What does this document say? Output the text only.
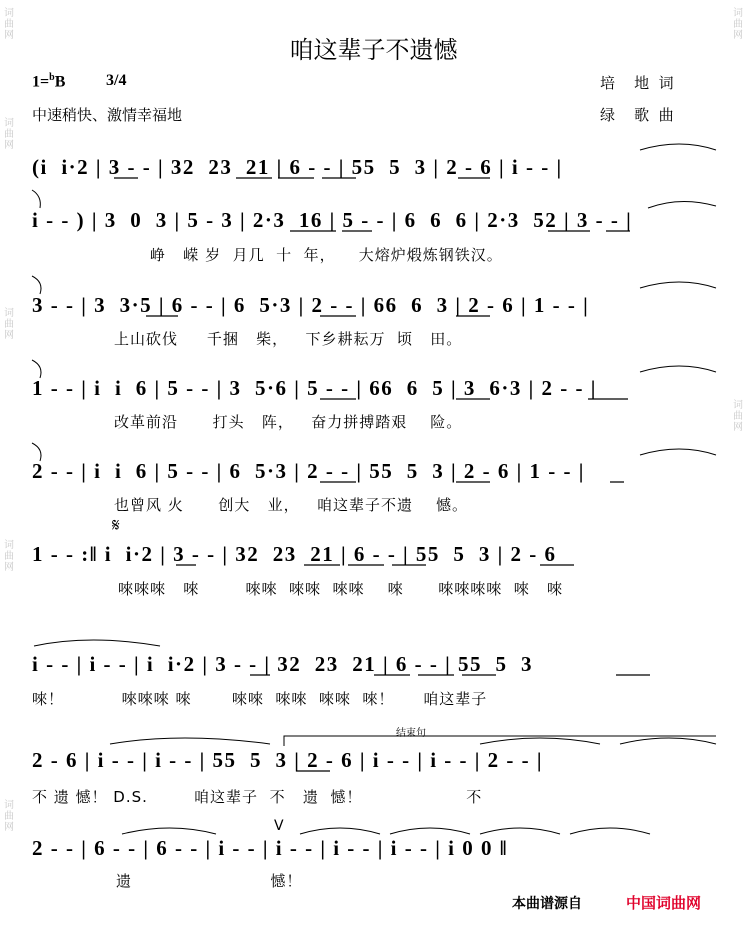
咱这辈子不遗憾
1=$^b$B	3/4
中速稍快、激情幸福地
培    地  词
绿    歌  曲
(i  i·2 | 3 - - | 32  23  21 | 6 - - | 55  5  3 | 2 - 6 | i - - |
i - - ) | 3  0  3 | 5 - 3 | 2·3  16 | 5 - - | 6  6  6 | 2·3  52 | 3 - - |
峥   嵘 岁  月几  十  年，    大熔炉煅炼钢铁汉。
3 - - | 3  3·5 | 6 - - | 6  5·3 | 2 - - | 66  6  3 | 2 - 6 | 1 - - |
上山砍伐     千捆   柴，   下乡耕耘万  顷   田。
1 - - | i  i  6 | 5 - - | 3  5·6 | 5 - - | 66  6  5 | 3  6·3 | 2 - - |
改革前沿      打头   阵，   奋力拼搏踏艰    险。
2 - - | i  i  6 | 5 - - | 6  5·3 | 2 - - | 55  5  3 | 2 - 6 | 1 - - |
也曾风 火      创大   业，   咱这辈子不遗    憾。
𝄋
1 - - :‖ i  i·2 | 3 - - | 32  23  21 | 6 - - | 55  5  3 | 2 - 6
唻唻唻   唻        唻唻  唻唻  唻唻    唻      唻唻唻唻  唻   唻
i - - | i - - | i  i·2 | 3 - - | 32  23  21 | 6 - - | 55  5  3
唻！          唻唻唻 唻       唻唻  唻唻  唻唻  唻！     咱这辈子
结束句
2 - 6 | i - - | i - - | 55  5  3 | 2 - 6 | i - - | i - - | 2 - - |
不 遗 憾！ D.S.        咱这辈子  不   遗  憾！                  不
V
2 - - | 6 - - | 6 - - | i - - | i - - | i - - | i - - | i 0 0 ‖
遗                        憾！
词
曲
网
词
曲
网
词
曲
网
词
曲
网
词
曲
网
词
曲
网
词
曲
网
本曲谱源自	中国词曲网
